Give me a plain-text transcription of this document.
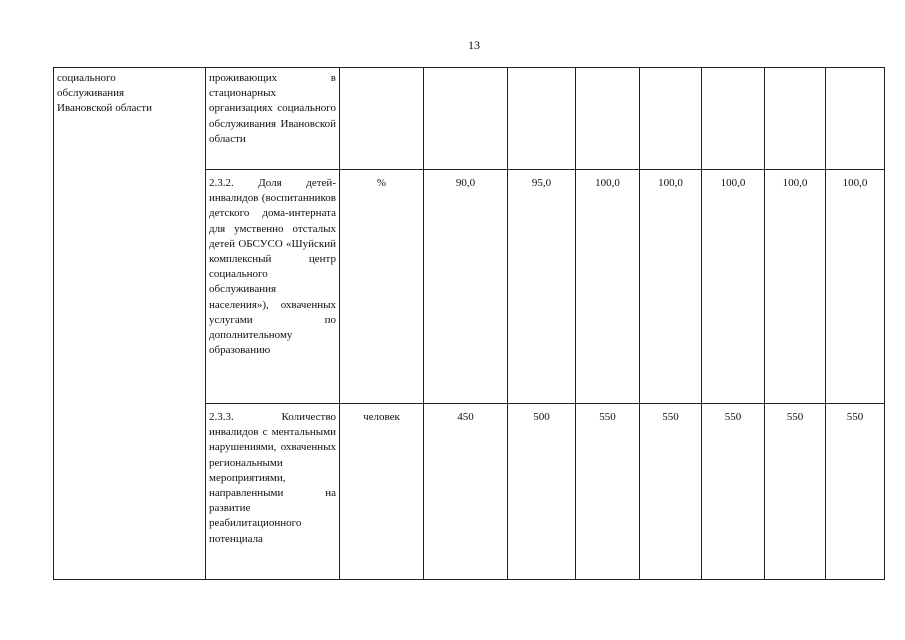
13
социального
обслуживания
Ивановской области	проживающих в стационарных организациях социального обслуживания Ивановской области								
	2.3.2. Доля детей-инвалидов (воспитанников детского дома-интерната для умственно отсталых детей ОБСУСО «Шуйский комплексный центр социального обслуживания населения»), охваченных услугами по дополнительному образованию	%	90,0	95,0	100,0	100,0	100,0	100,0	100,0
	2.3.3. Количество инвалидов с ментальными нарушениями, охваченных региональными мероприятиями, направленными на развитие реабилитационного потенциала	человек	450	500	550	550	550	550	550
